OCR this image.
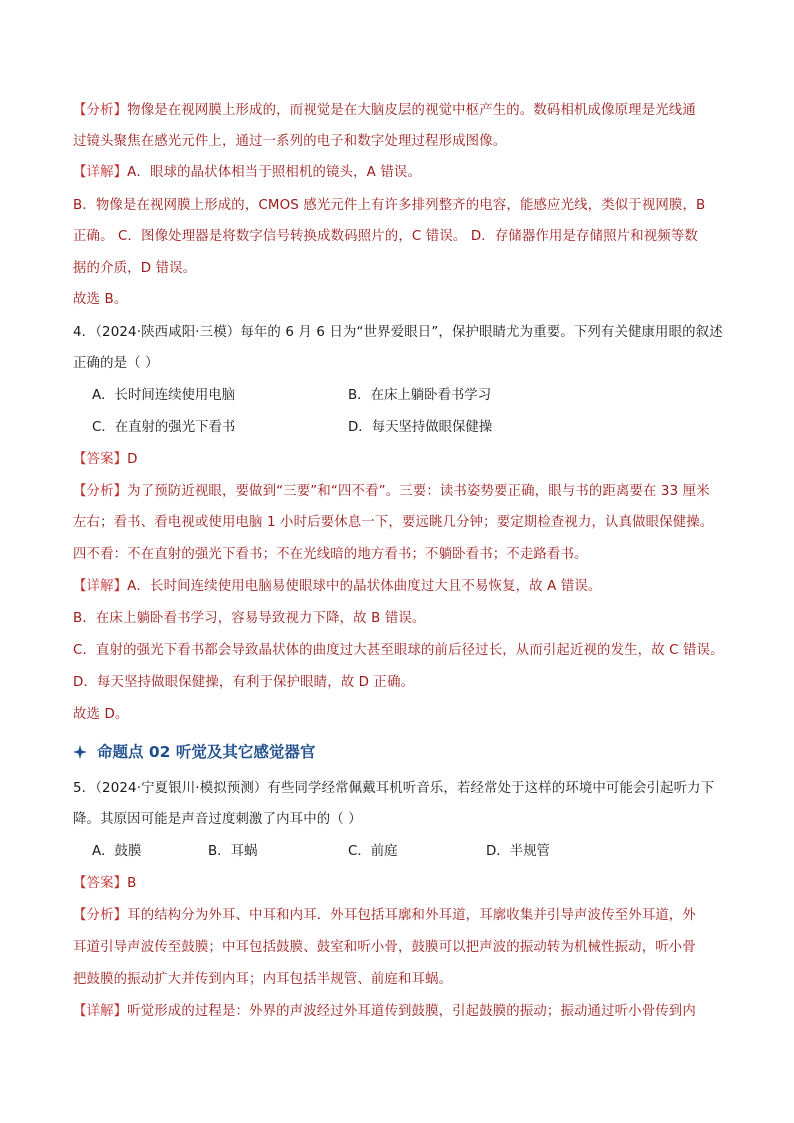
【分析】物像是在视网膜上形成的，而视觉是在大脑皮层的视觉中枢产生的。数码相机成像原理是光线通
过镜头聚焦在感光元件上，通过一系列的电子和数字处理过程形成图像。
【详解】A．眼球的晶状体相当于照相机的镜头，A 错误。
B．物像是在视网膜上形成的，CMOS 感光元件上有许多排列整齐的电容，能感应光线，类似于视网膜，B
正确。 C．图像处理器是将数字信号转换成数码照片的，C 错误。 D．存储器作用是存储照片和视频等数
据的介质，D 错误。
故选 B。
4．（2024·陕西咸阳·三模）每年的 6 月 6 日为“世界爱眼日”，保护眼睛尤为重要。下列有关健康用眼的叙述
正确的是（ ）
A．长时间连续使用电脑	B．在床上躺卧看书学习
C．在直射的强光下看书	D．每天坚持做眼保健操
【答案】D
【分析】为了预防近视眼，要做到“三要”和“四不看”。三要：读书姿势要正确，眼与书的距离要在 33 厘米
左右；看书、看电视或使用电脑 1 小时后要休息一下，要远眺几分钟；要定期检查视力，认真做眼保健操。
四不看：不在直射的强光下看书；不在光线暗的地方看书；不躺卧看书；不走路看书。
【详解】A．长时间连续使用电脑易使眼球中的晶状体曲度过大且不易恢复，故 A 错误。
B．在床上躺卧看书学习，容易导致视力下降，故 B 错误。
C．直射的强光下看书都会导致晶状体的曲度过大甚至眼球的前后径过长，从而引起近视的发生，故 C 错误。
D．每天坚持做眼保健操，有利于保护眼睛，故 D 正确。
故选 D。
命题点 02 听觉及其它感觉器官
5．（2024·宁夏银川·模拟预测）有些同学经常佩戴耳机听音乐，若经常处于这样的环境中可能会引起听力下
降。其原因可能是声音过度刺激了内耳中的（ ）
A．鼓膜	B．耳蜗	C．前庭	D．半规管
【答案】B
【分析】耳的结构分为外耳、中耳和内耳．外耳包括耳廓和外耳道，耳廓收集并引导声波传至外耳道，外
耳道引导声波传至鼓膜；中耳包括鼓膜、鼓室和听小骨，鼓膜可以把声波的振动转为机械性振动，听小骨
把鼓膜的振动扩大并传到内耳；内耳包括半规管、前庭和耳蜗。
【详解】听觉形成的过程是：外界的声波经过外耳道传到鼓膜，引起鼓膜的振动；振动通过听小骨传到内
